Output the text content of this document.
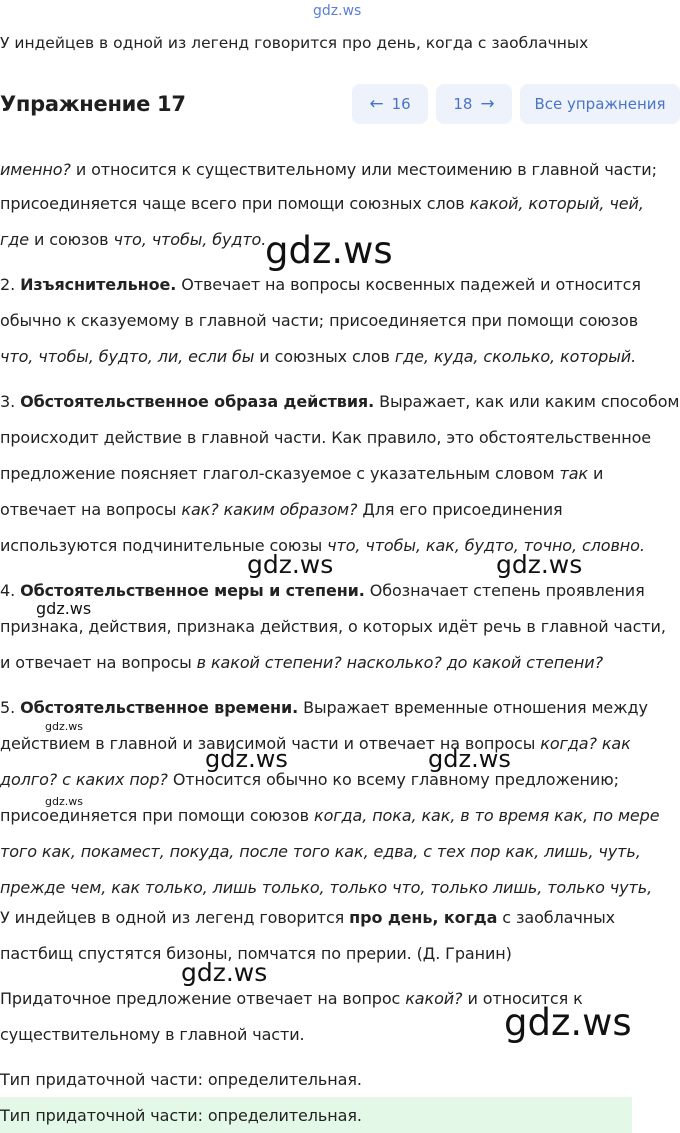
gdz.ws
gdz.ws
gdz.ws	gdz.ws
gdz.ws
gdz.ws
gdz.ws	gdz.ws
gdz.ws
gdz.ws
gdz.ws
У индейцев в одной из легенд говорится про день, когда с заоблачных
Упражнение 17	← 16	18 →	Все упражнения
именно? и относится к существительному или местоимению в главной части;
присоединяется чаще всего при помощи союзных слов какой, который, чей,
где и союзов что, чтобы, будто.
2. Изъяснительное. Отвечает на вопросы косвенных падежей и относится
обычно к сказуемому в главной части; присоединяется при помощи союзов
что, чтобы, будто, ли, если бы и союзных слов где, куда, сколько, который.
3. Обстоятельственное образа действия. Выражает, как или каким способом
происходит действие в главной части. Как правило, это обстоятельственное
предложение поясняет глагол-сказуемое с указательным словом так и
отвечает на вопросы как? каким образом? Для его присоединения
используются подчинительные союзы что, чтобы, как, будто, точно, словно.
4. Обстоятельственное меры и степени. Обозначает степень проявления
признака, действия, признака действия, о которых идёт речь в главной части,
и отвечает на вопросы в какой степени? насколько? до какой степени?
5. Обстоятельственное времени. Выражает временные отношения между
действием в главной и зависимой части и отвечает на вопросы когда? как
долго? с каких пор? Относится обычно ко всему главному предложению;
присоединяется при помощи союзов когда, пока, как, в то время как, по мере
того как, покамест, покуда, после того как, едва, с тех пор как, лишь, чуть,
прежде чем, как только, лишь только, только что, только лишь, только чуть,
У индейцев в одной из легенд говорится про день, когда с заоблачных
пастбищ спустятся бизоны, помчатся по прерии. (Д. Гранин)
Придаточное предложение отвечает на вопрос какой? и относится к
существительному в главной части.
Тип придаточной части: определительная.
Тип придаточной части: определительная.
